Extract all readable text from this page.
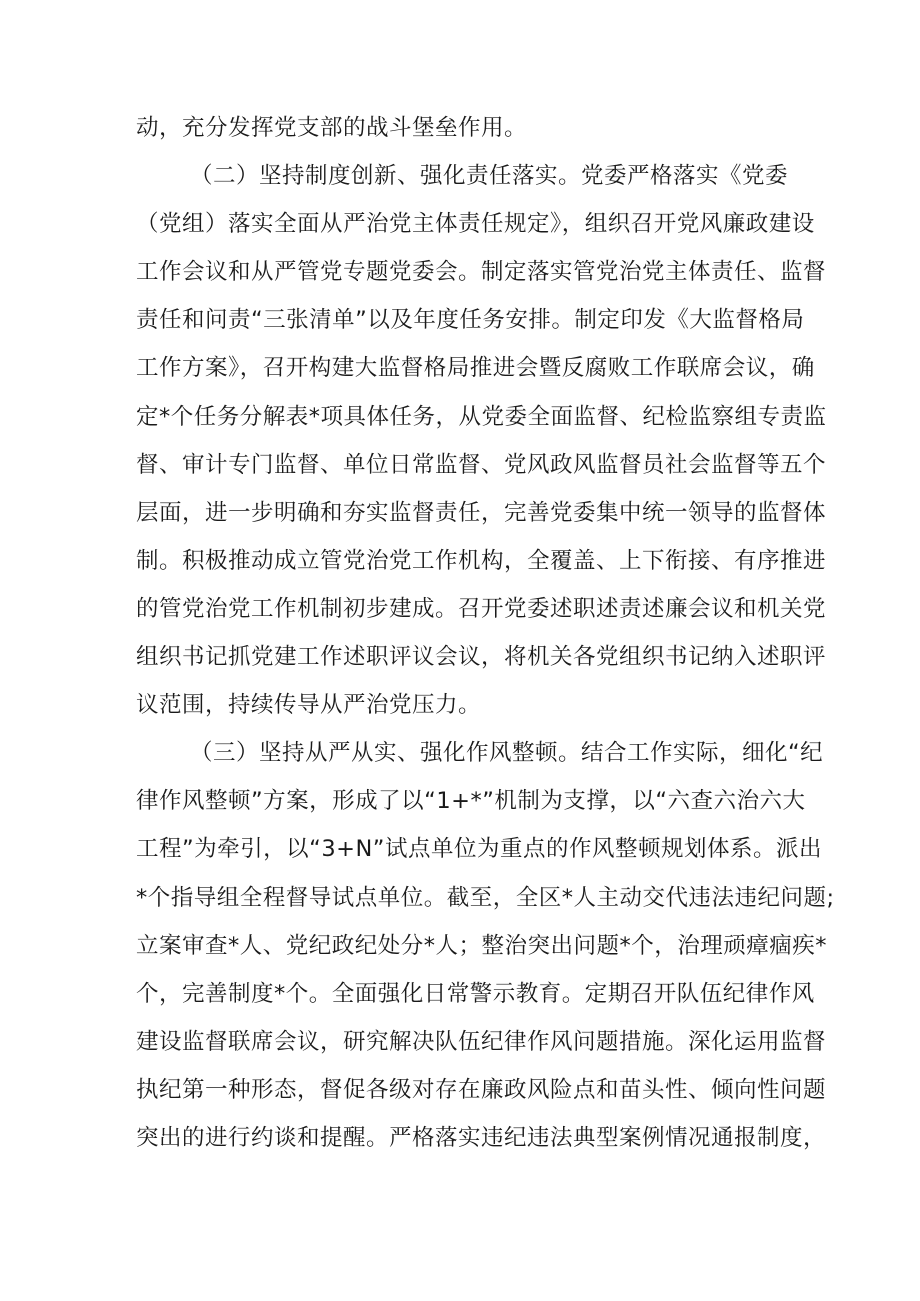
动，充分发挥党支部的战斗堡垒作用。
（二）坚持制度创新、强化责任落实。党委严格落实《党委
（党组）落实全面从严治党主体责任规定》，组织召开党风廉政建设
工作会议和从严管党专题党委会。制定落实管党治党主体责任、监督
责任和问责“三张清单”以及年度任务安排。制定印发《大监督格局
工作方案》，召开构建大监督格局推进会暨反腐败工作联席会议，确
定*个任务分解表*项具体任务，从党委全面监督、纪检监察组专责监
督、审计专门监督、单位日常监督、党风政风监督员社会监督等五个
层面，进一步明确和夯实监督责任，完善党委集中统一领导的监督体
制。积极推动成立管党治党工作机构，全覆盖、上下衔接、有序推进
的管党治党工作机制初步建成。召开党委述职述责述廉会议和机关党
组织书记抓党建工作述职评议会议，将机关各党组织书记纳入述职评
议范围，持续传导从严治党压力。
（三）坚持从严从实、强化作风整顿。结合工作实际，细化“纪
律作风整顿”方案，形成了以“1+*”机制为支撑，以“六查六治六大
工程”为牵引，以“3+N”试点单位为重点的作风整顿规划体系。派出
*个指导组全程督导试点单位。截至，全区*人主动交代违法违纪问题;
立案审查*人、党纪政纪处分*人；整治突出问题*个，治理顽瘴痼疾*
个，完善制度*个。全面强化日常警示教育。定期召开队伍纪律作风
建设监督联席会议，研究解决队伍纪律作风问题措施。深化运用监督
执纪第一种形态，督促各级对存在廉政风险点和苗头性、倾向性问题
突出的进行约谈和提醒。严格落实违纪违法典型案例情况通报制度，
